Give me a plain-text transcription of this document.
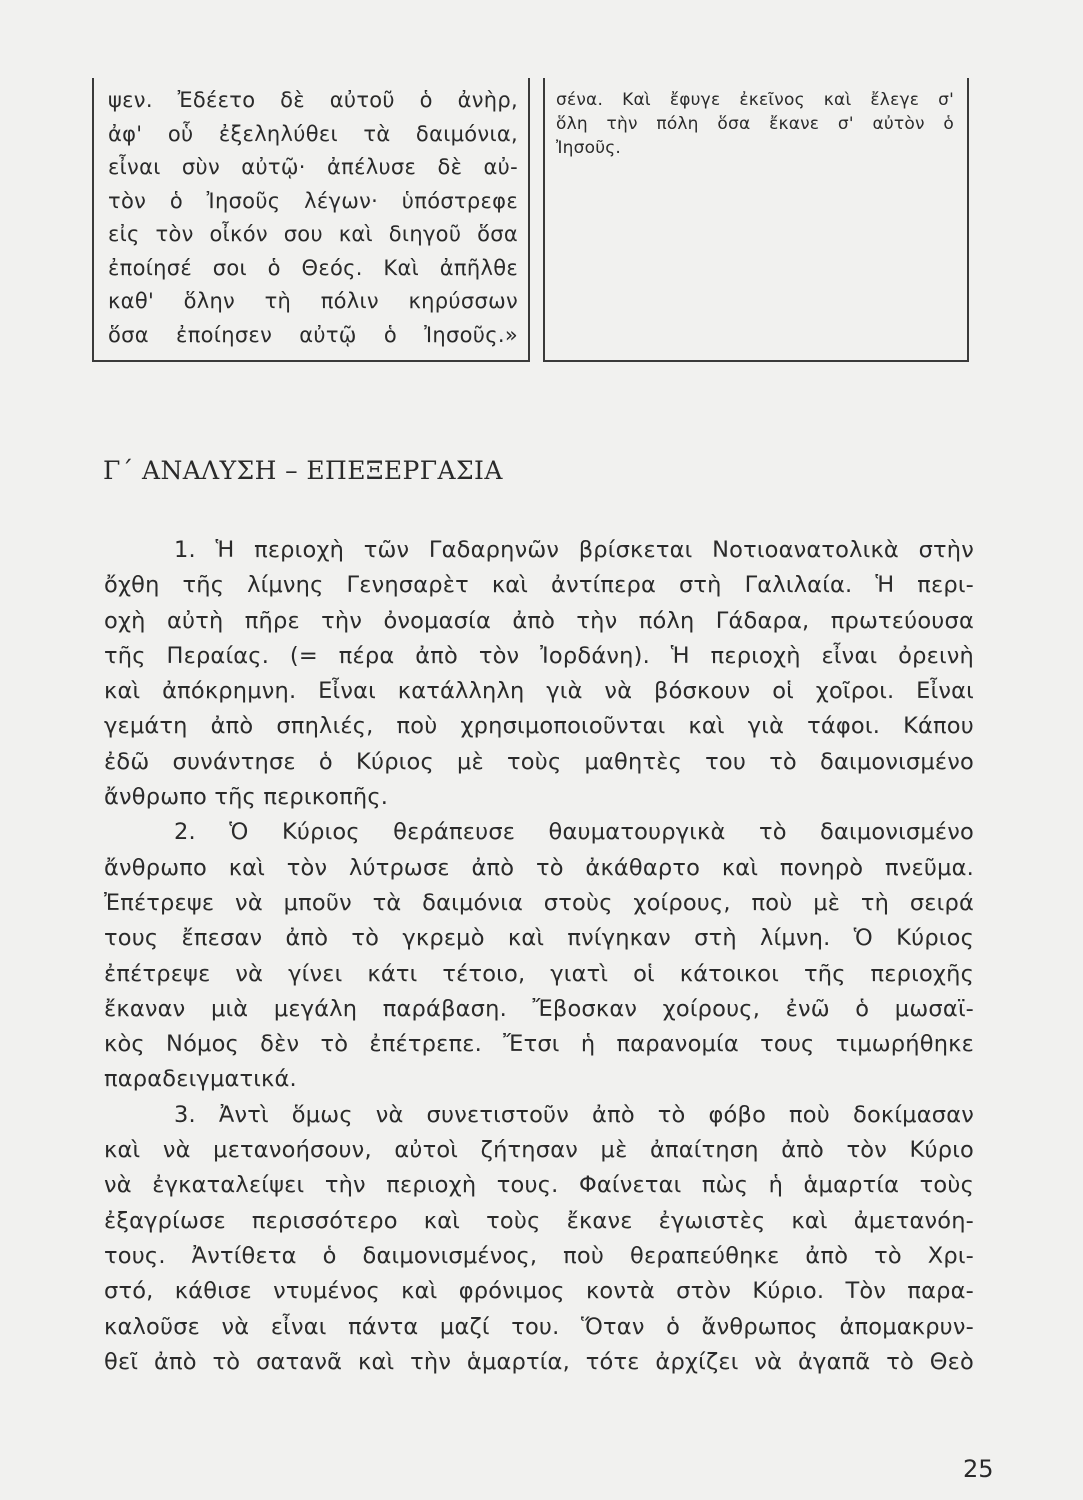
ψεν. Ἐδέετο δὲ αὐτοῦ ὁ ἀνὴρ,
ἀφ' οὗ ἐξεληλύθει τὰ δαιμόνια,
εἶναι σὺν αὐτῷ· ἀπέλυσε δὲ αὐ-
τὸν ὁ Ἰησοῦς λέγων· ὑπόστρεφε
εἰς τὸν οἶκόν σου καὶ διηγοῦ ὅσα
ἐποίησέ σοι ὁ Θεός. Καὶ ἀπῆλθε
καθ' ὅλην τὴ πόλιν κηρύσσων
ὅσα ἐποίησεν αὐτῷ ὁ Ἰησοῦς.»
σένα. Καὶ ἔφυγε ἐκεῖνος καὶ ἔλεγε σ'
ὅλη τὴν πόλη ὅσα ἔκανε σ' αὐτὸν ὁ
Ἰησοῦς.
Γ΄ ΑΝΑΛΥΣΗ – ΕΠΕΞΕΡΓΑΣΙΑ
1. Ἡ περιοχὴ τῶν Γαδαρηνῶν βρίσκεται Νοτιοανατολικὰ στὴν
ὄχθη τῆς λίμνης Γενησαρὲτ καὶ ἀντίπερα στὴ Γαλιλαία. Ἡ περι-
οχὴ αὐτὴ πῆρε τὴν ὀνομασία ἀπὸ τὴν πόλη Γάδαρα, πρωτεύουσα
τῆς Περαίας. (= πέρα ἀπὸ τὸν Ἰορδάνη). Ἡ περιοχὴ εἶναι ὀρεινὴ
καὶ ἀπόκρημνη. Εἶναι κατάλληλη γιὰ νὰ βόσκουν οἱ χοῖροι. Εἶναι
γεμάτη ἀπὸ σπηλιές, ποὺ χρησιμοποιοῦνται καὶ γιὰ τάφοι. Κάπου
ἐδῶ συνάντησε ὁ Κύριος μὲ τοὺς μαθητὲς του τὸ δαιμονισμένο
ἄνθρωπο τῆς περικοπῆς.
2. Ὁ Κύριος θεράπευσε θαυματουργικὰ τὸ δαιμονισμένο
ἄνθρωπο καὶ τὸν λύτρωσε ἀπὸ τὸ ἀκάθαρτο καὶ πονηρὸ πνεῦμα.
Ἐπέτρεψε νὰ μποῦν τὰ δαιμόνια στοὺς χοίρους, ποὺ μὲ τὴ σειρά
τους ἔπεσαν ἀπὸ τὸ γκρεμὸ καὶ πνίγηκαν στὴ λίμνη. Ὁ Κύριος
ἐπέτρεψε νὰ γίνει κάτι τέτοιο, γιατὶ οἱ κάτοικοι τῆς περιοχῆς
ἔκαναν μιὰ μεγάλη παράβαση. Ἔβοσκαν χοίρους, ἐνῶ ὁ μωσαϊ-
κὸς Νόμος δὲν τὸ ἐπέτρεπε. Ἔτσι ἡ παρανομία τους τιμωρήθηκε
παραδειγματικά.
3. Ἀντὶ ὅμως νὰ συνετιστοῦν ἀπὸ τὸ φόβο ποὺ δοκίμασαν
καὶ νὰ μετανοήσουν, αὐτοὶ ζήτησαν μὲ ἀπαίτηση ἀπὸ τὸν Κύριο
νὰ ἐγκαταλείψει τὴν περιοχὴ τους. Φαίνεται πὼς ἡ ἁμαρτία τοὺς
ἐξαγρίωσε περισσότερο καὶ τοὺς ἔκανε ἐγωιστὲς καὶ ἀμετανόη-
τους. Ἀντίθετα ὁ δαιμονισμένος, ποὺ θεραπεύθηκε ἀπὸ τὸ Χρι-
στό, κάθισε ντυμένος καὶ φρόνιμος κοντὰ στὸν Κύριο. Τὸν παρα-
καλοῦσε νὰ εἶναι πάντα μαζί του. Ὅταν ὁ ἄνθρωπος ἀπομακρυν-
θεῖ ἀπὸ τὸ σατανᾶ καὶ τὴν ἁμαρτία, τότε ἀρχίζει νὰ ἀγαπᾶ τὸ Θεὸ
25
